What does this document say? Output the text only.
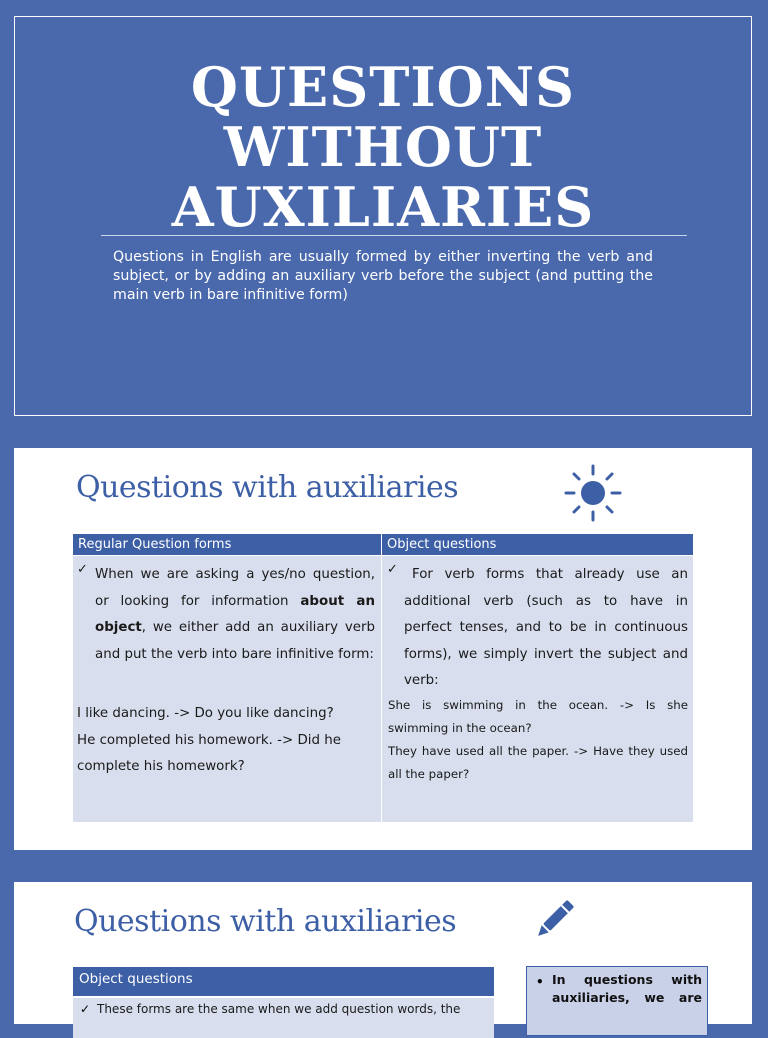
QUESTIONS
WITHOUT
AUXILIARIES

Questions in English are usually formed by either inverting the verb and subject, or by adding an auxiliary verb before the subject (and putting the main verb in bare infinitive form)

Questions with auxiliaries
Regular Question forms	Object questions
✓ When we are asking a yes/no question, or looking for information about an object, we either add an auxiliary verb and put the verb into bare infinitive form:
I like dancing. -> Do you like dancing?
He completed his homework. -> Did he complete his homework?
✓	For verb forms that already use an additional verb (such as to have in perfect tenses, and to be in continuous forms), we simply invert the subject and verb:
She is swimming in the ocean. -> Is she swimming in the ocean?
They have used all the paper. -> Have they used all the paper?
Questions with auxiliaries
Object questions
✓ These forms are the same when we add question words, the
• In questions with auxiliaries, we are
